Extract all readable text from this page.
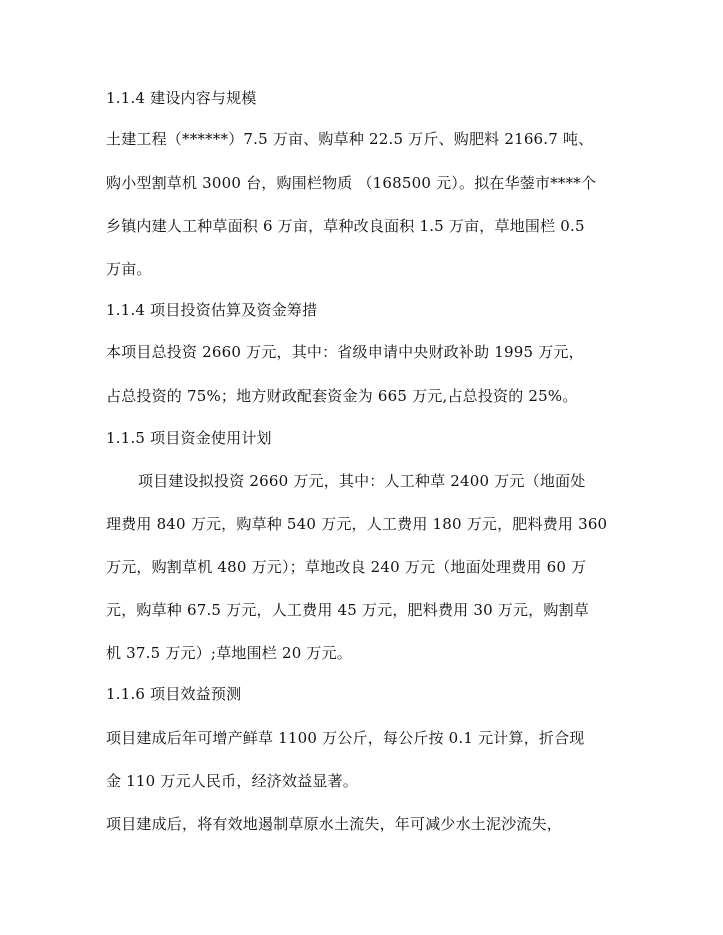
1.1.4 建设内容与规模
土建工程（******）7.5 万亩、购草种 22.5 万斤、购肥料 2166.7 吨、
购小型割草机 3000 台，购围栏物质 （168500 元）。拟在华蓥市****个
乡镇内建人工种草面积 6 万亩，草种改良面积 1.5 万亩，草地围栏 0.5
万亩。
1.1.4 项目投资估算及资金筹措
本项目总投资 2660 万元，其中：省级申请中央财政补助 1995 万元，
占总投资的 75%；地方财政配套资金为 665 万元,占总投资的 25%。
1.1.5 项目资金使用计划
项目建设拟投资 2660 万元，其中：人工种草 2400 万元（地面处
理费用 840 万元，购草种 540 万元，人工费用 180 万元，肥料费用 360
万元，购割草机 480 万元）；草地改良 240 万元（地面处理费用 60 万
元，购草种 67.5 万元，人工费用 45 万元，肥料费用 30 万元，购割草
机 37.5 万元）;草地围栏 20 万元。
1.1.6 项目效益预测
项目建成后年可增产鲜草 1100 万公斤，每公斤按 0.1 元计算，折合现
金 110 万元人民币，经济效益显著。
项目建成后，将有效地遏制草原水土流失，年可减少水土泥沙流失，
